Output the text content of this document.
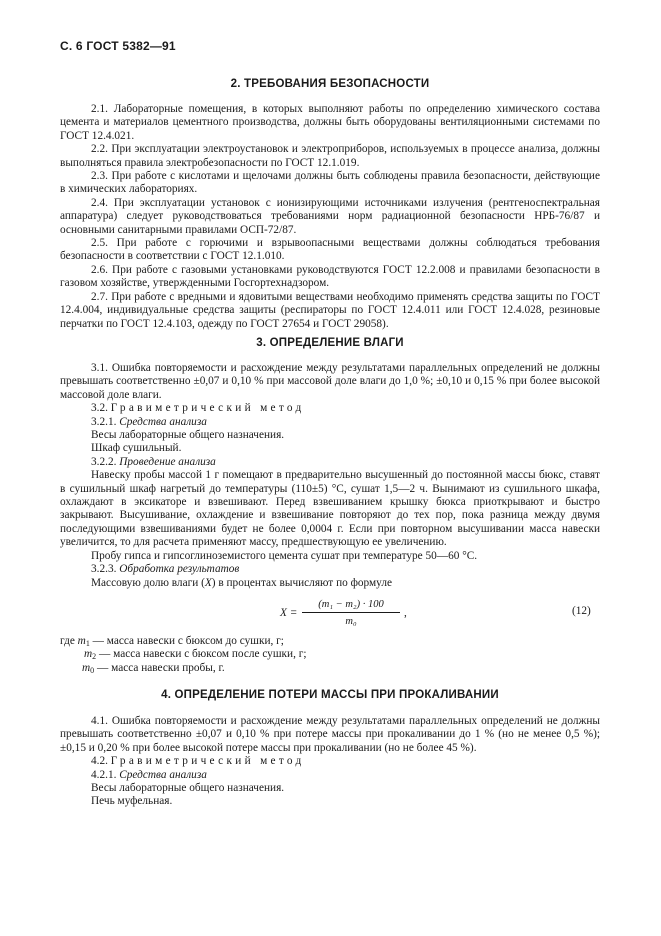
С. 6 ГОСТ 5382—91
2. ТРЕБОВАНИЯ БЕЗОПАСНОСТИ

2.1. Лабораторные помещения, в которых выполняют работы по определению химического состава цемента и материалов цементного производства, должны быть оборудованы вентиляционными системами по ГОСТ 12.4.021.

2.2. При эксплуатации электроустановок и электроприборов, используемых в процессе анализа, должны выполняться правила электробезопасности по ГОСТ 12.1.019.

2.3. При работе с кислотами и щелочами должны быть соблюдены правила безопасности, действующие в химических лабораториях.

2.4. При эксплуатации установок с ионизирующими источниками излучения (рентгеноспектральная аппаратура) следует руководствоваться требованиями норм радиационной безопасности НРБ-76/87 и основными санитарными правилами ОСП-72/87.

2.5. При работе с горючими и взрывоопасными веществами должны соблюдаться требования безопасности в соответствии с ГОСТ 12.1.010.

2.6. При работе с газовыми установками руководствуются ГОСТ 12.2.008 и правилами безопасности в газовом хозяйстве, утвержденными Госгортехнадзором.

2.7. При работе с вредными и ядовитыми веществами необходимо применять средства защиты по ГОСТ 12.4.004, индивидуальные средства защиты (респираторы по ГОСТ 12.4.011 или ГОСТ 12.4.028, резиновые перчатки по ГОСТ 12.4.103, одежду по ГОСТ 27654 и ГОСТ 29058).

3. ОПРЕДЕЛЕНИЕ ВЛАГИ

3.1. Ошибка повторяемости и расхождение между результатами параллельных определений не должны превышать соответственно ±0,07 и 0,10 % при массовой доле влаги до 1,0 %; ±0,10 и 0,15 % при более высокой массовой доле влаги.

3.2. Гравиметрический метод

3.2.1. Средства анализа

Весы лабораторные общего назначения.

Шкаф сушильный.

3.2.2. Проведение анализа

Навеску пробы массой 1 г помещают в предварительно высушенный до постоянной массы бюкс, ставят в сушильный шкаф нагретый до температуры (110±5) °С, сушат 1,5—2 ч. Вынимают из сушильного шкафа, охлаждают в эксикаторе и взвешивают. Перед взвешиванием крышку бюкса приоткрывают и быстро закрывают. Высушивание, охлаждение и взвешивание повторяют до тех пор, пока разница между двумя последующими взвешиваниями будет не более 0,0004 г. Если при повторном высушивании масса навески увеличится, то для расчета применяют массу, предшествующую ее увеличению.

Пробу гипса и гипсоглиноземистого цемента сушат при температуре 50—60 °С.

3.2.3. Обработка результатов

Массовую долю влаги (X) в процентах вычисляют по формуле

X =
(m₁ − m₂) · 100
m₀
,	(12)
где $m_1$ — масса навески с бюксом до сушки, г;
$m_2$ — масса навески с бюксом после сушки, г;
$m_0$ — масса навески пробы, г.
4. ОПРЕДЕЛЕНИЕ ПОТЕРИ МАССЫ ПРИ ПРОКАЛИВАНИИ

4.1. Ошибка повторяемости и расхождение между результатами параллельных определений не должны превышать соответственно ±0,07 и 0,10 % при потере массы при прокаливании до 1 % (но не менее 0,5 %); ±0,15 и 0,20 % при более высокой потере массы при прокаливании (но не более 45 %).

4.2. Гравиметрический метод

4.2.1. Средства анализа

Весы лабораторные общего назначения.

Печь муфельная.
